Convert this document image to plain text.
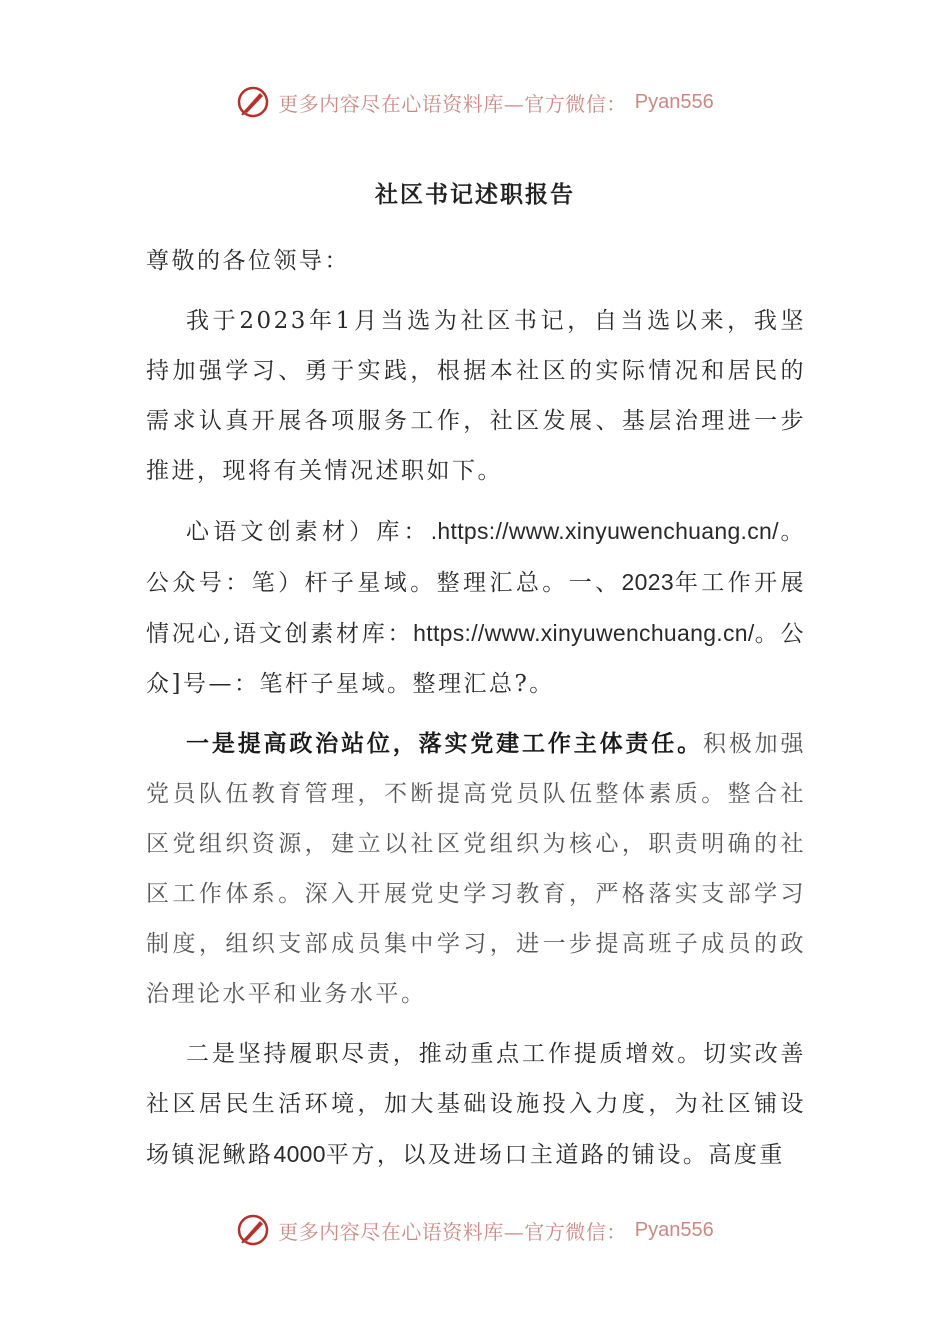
更多内容尽在心语资料库—官方微信： Pyan556
社区书记述职报告

尊敬的各位领导：

我于2023年1月当选为社区书记，自当选以来，我坚持加强学习、勇于实践，根据本社区的实际情况和居民的需求认真开展各项服务工作，社区发展、基层治理进一步推进，现将有关情况述职如下。

心语文创素材）库：.https://www.xinyuwenchuang.cn/。公众号：笔）杆子星域。整理汇总。一、2023年工作开展情况心,语文创素材库：https://www.xinyuwenchuang.cn/。公众]号—：笔杆子星域。整理汇总?。

一是提高政治站位，落实党建工作主体责任。积极加强党员队伍教育管理，不断提高党员队伍整体素质。整合社区党组织资源，建立以社区党组织为核心，职责明确的社区工作体系。深入开展党史学习教育，严格落实支部学习制度，组织支部成员集中学习，进一步提高班子成员的政治理论水平和业务水平。

二是坚持履职尽责，推动重点工作提质增效。切实改善社区居民生活环境，加大基础设施投入力度，为社区铺设场镇泥鳅路4000平方，以及进场口主道路的铺设。高度重

更多内容尽在心语资料库—官方微信： Pyan556
